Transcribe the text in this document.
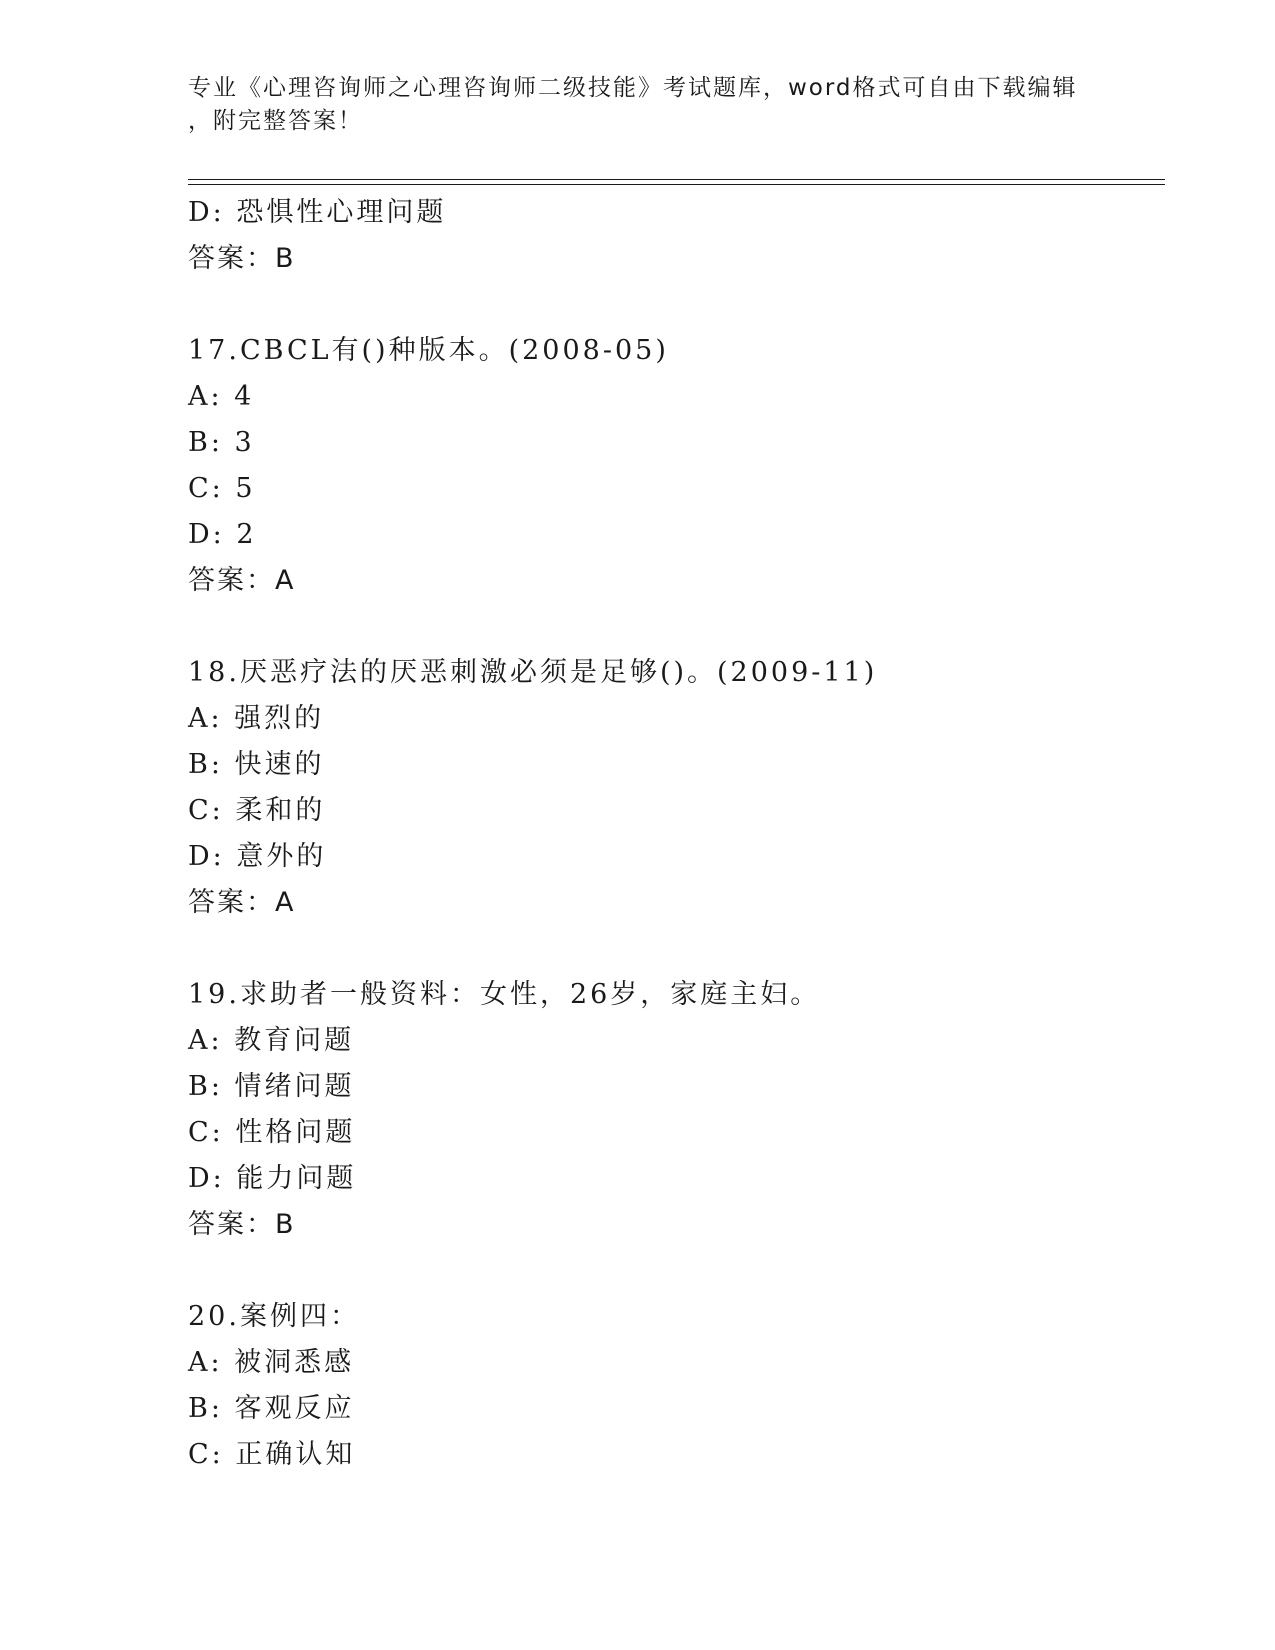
专业《心理咨询师之心理咨询师二级技能》考试题库，word格式可自由下载编辑
，附完整答案！
D: 恐惧性心理问题
答案：B
17.CBCL有()种版本。(2008-05)
A: 4
B: 3
C: 5
D: 2
答案：A
18.厌恶疗法的厌恶刺激必须是足够()。(2009-11)
A: 强烈的
B: 快速的
C: 柔和的
D: 意外的
答案：A
19.求助者一般资料：女性，26岁，家庭主妇。
A: 教育问题
B: 情绪问题
C: 性格问题
D: 能力问题
答案：B
20.案例四：
A: 被洞悉感
B: 客观反应
C: 正确认知
